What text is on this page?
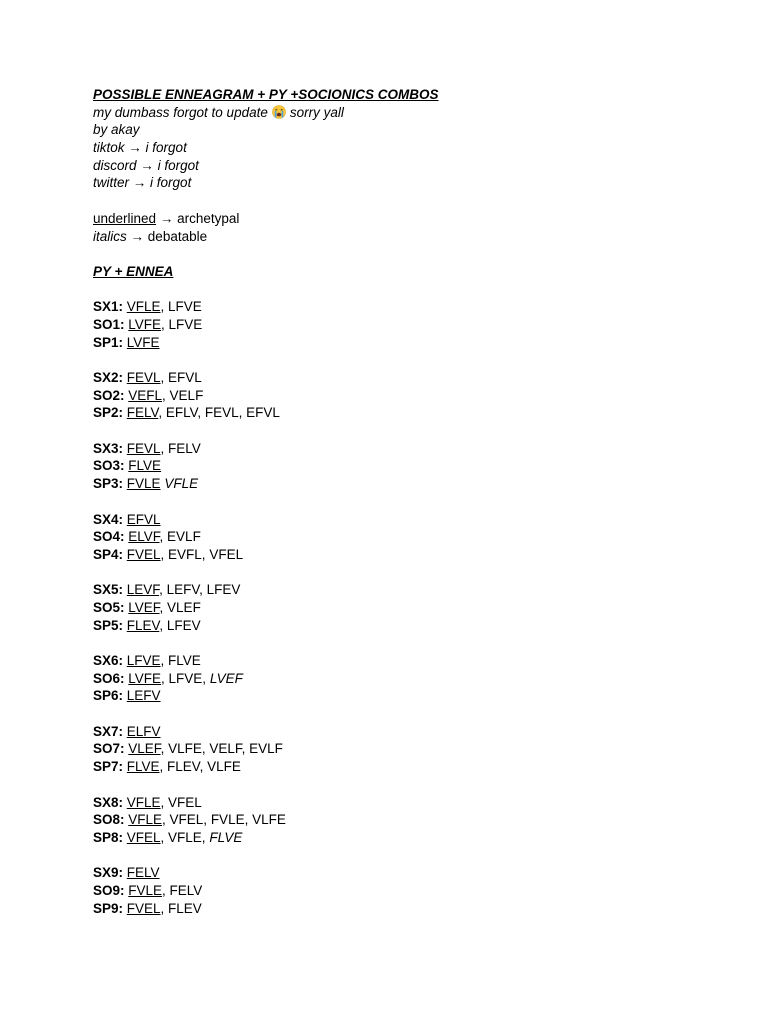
POSSIBLE ENNEAGRAM + PY +SOCIONICS COMBOS
my dumbass forgot to update sorry yall
by akay
tiktok → i forgot
discord → i forgot
twitter → i forgot
underlined → archetypal
italics → debatable
PY + ENNEA
SX1: VFLE, LFVE
SO1: LVFE, LFVE
SP1: LVFE
SX2: FEVL, EFVL
SO2: VEFL, VELF
SP2: FELV, EFLV, FEVL, EFVL
SX3: FEVL, FELV
SO3: FLVE
SP3: FVLE VFLE
SX4: EFVL
SO4: ELVF, EVLF
SP4: FVEL, EVFL, VFEL
SX5: LEVF, LEFV, LFEV
SO5: LVEF, VLEF
SP5: FLEV, LFEV
SX6: LFVE, FLVE
SO6: LVFE, LFVE, LVEF
SP6: LEFV
SX7: ELFV
SO7: VLEF, VLFE, VELF, EVLF
SP7: FLVE, FLEV, VLFE
SX8: VFLE, VFEL
SO8: VFLE, VFEL, FVLE, VLFE
SP8: VFEL, VFLE, FLVE
SX9: FELV
SO9: FVLE, FELV
SP9: FVEL, FLEV
